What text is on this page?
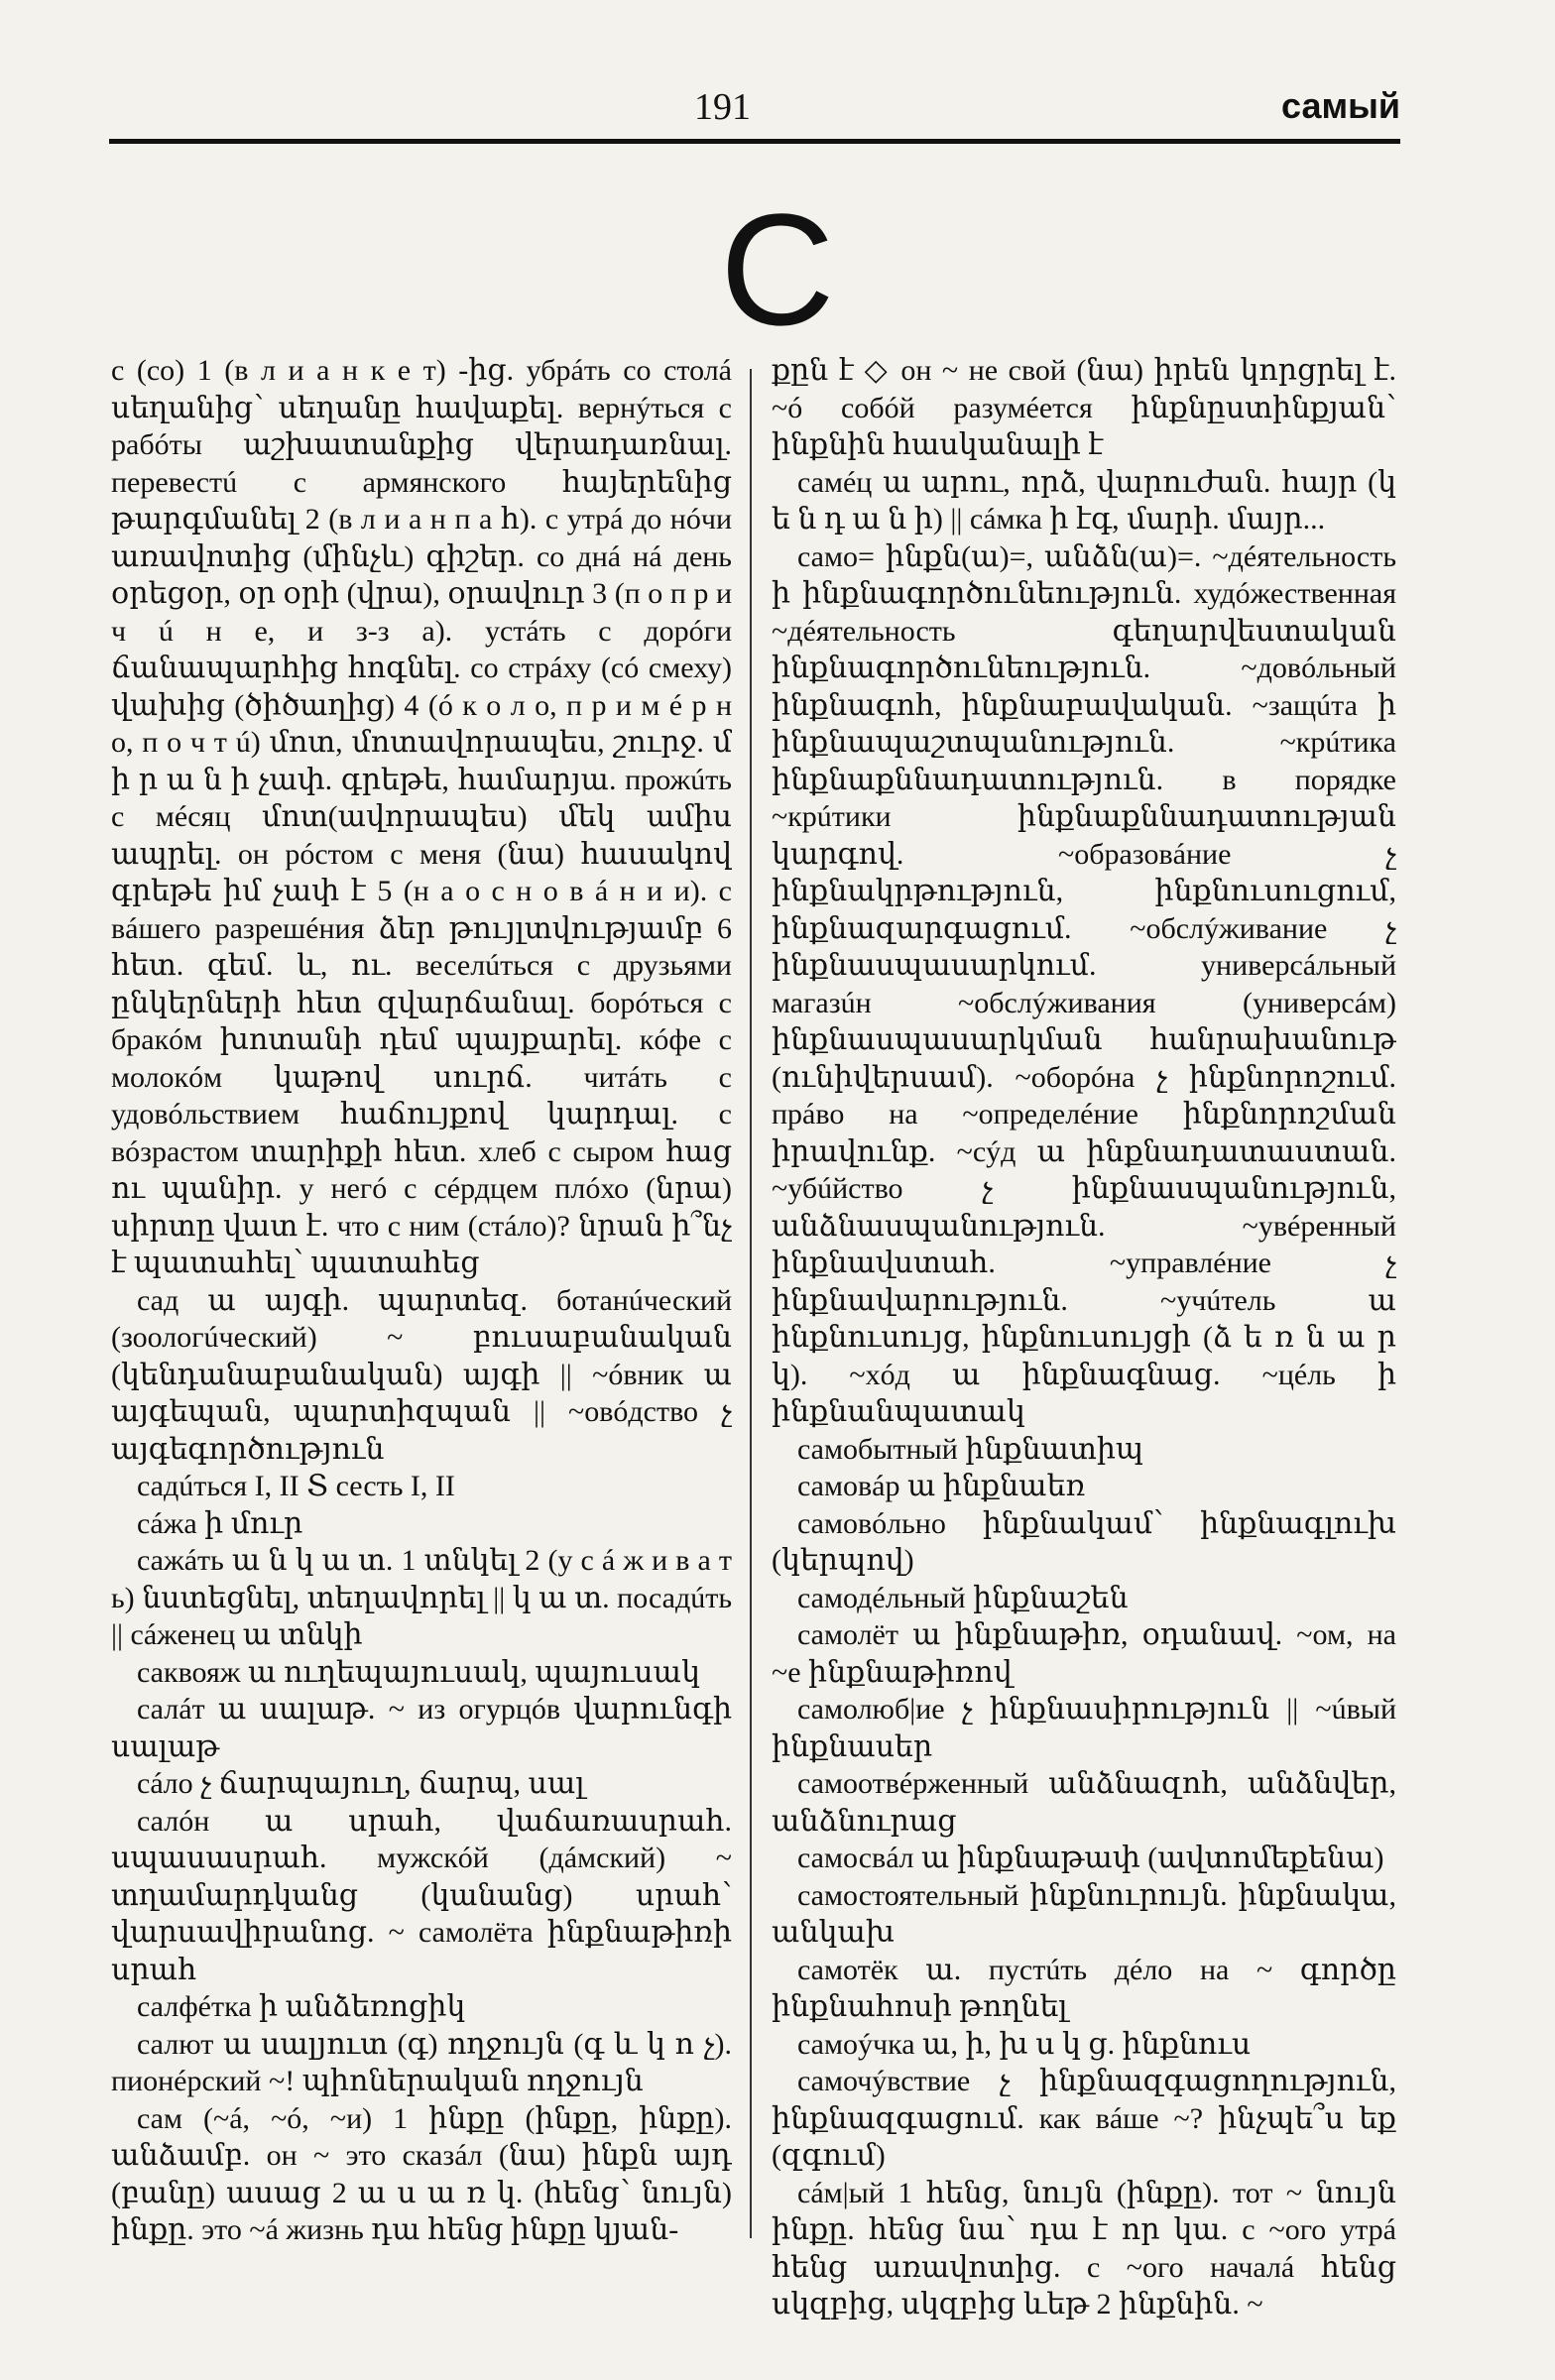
191	самый
С

с (со) 1 (в л и а н к е т) -ից. убрáть со столá սեղանից՝ սեղանը հավաքել. вернýться с рабóты աշխատանքից վերադառնալ. перевестú с армянского հայերենից թարգմանել 2 (в л и а н п а հ). с утрá до нóчи առավոտից (մինչև) գիշեր. со днá нá день օրեցօր, օր օրի (վրա), օրավուր 3 (п о п р и ч ú н е, и з-з а). устáть с дорóги ճանապարհից հոգնել. со стрáху (сó смеху) վախից (ծիծաղից) 4 (ó к о л о, п р и м é р н о, п о ч т ú) մոտ, մոտավորապես, շուրջ. մ ի ր ա ն ի չափ. գրեթե, համարյա. прожúть с мéсяц մոտ(ավորապես) մեկ ամիս ապրել. он рóстом с меня (նա) հասակով գրեթե իմ չափ է 5 (н а о с н о в á н и и). с вáшего разрешéния ձեր թույլտվությամբ 6 հետ. գեմ. և, ու. веселúться с друзьями ընկերների հետ զվարճանալ. борóться с бракóм խոտանի դեմ պայքարել. кóфе с молокóм կաթով սուրճ. читáть с удовóльствием հաճույքով կարդալ. с вóзрастом տարիքի հետ. хлеб с сыром հաց ու պանիր. у негó с сéрдцем плóхо (նրա) սիրտը վատ է. что с ним (стáло)? նրան ի՞նչ է պատահել՝ պատահեց

сад ա այգի. պարտեզ. ботанúческий (зоологúческий) ~ բուսաբանական (կենդանաբանական) այգի || ~óвник ա այգեպան, պարտիզպան || ~овóдство չ այգեգործություն

садúться I, II Տ сесть I, II

сáжа ի մուր

сажáть ա ն կ ա տ. 1 տնկել 2 (у с á ж и в а т ь) նստեցնել, տեղավորել || կ ա տ. посадúть || сáженец ա տնկի

саквояж ա ուղեպայուսակ, պայուսակ

салáт ա սալաթ. ~ из огурцóв վարունգի սալաթ

сáло չ ճարպայուղ, ճարպ, սալ

салóн ա սրահ, վաճառասրահ. սպասասրահ. мужскóй (дáмский) ~ տղամարդկանց (կանանց) սրահ՝ վարսավիրանոց. ~ самолёта ինքնաթիռի սրահ

салфéтка ի անձեռոցիկ

салют ա սալյուտ (գ) ողջույն (գ և կ ո չ). пионéрский ~! պիոներական ողջույն

сам (~á, ~ó, ~и) 1 ինքը (ինքը, ինքը). անձամբ. он ~ это сказáл (նա) ինքն այդ (բանը) ասաց 2 ա ս ա ռ կ. (հենց՝ նույն) ինքը. это ~á жизнь դա հենց ինքը կյան-

քըն է ◇ он ~ не свой (նա) իրեն կորցրել է. ~ó собóй разумéется ինքնըստինքյան՝ ինքնին հասկանալի է

самéц ա արու, որձ, վարուժան. հայր (կ ե ն դ ա ն ի) || сáмка ի էգ, մարի. մայր...

само= ինքն(ա)=, անձն(ա)=. ~дéятельность ի ինքնագործունեություն. худóжественная ~дéятельность գեղարվեստական ինքնագործունեություն. ~довóльный ինքնագոհ, ինքնաբավական. ~защúта ի ինքնապաշտպանություն. ~крúтика ինքնաքննադատություն. в порядке ~крúтики ինքնաքննադատության կարգով. ~образовáние չ ինքնակրթություն, ինքնուսուցում, ինքնազարգացում. ~обслýживание չ ինքնասպասարկում. универсáльный магазúн ~обслýживания (универсáм) ինքնասպասարկման հանրախանութ (ունիվերսամ). ~оборóна չ ինքնորոշում. прáво на ~определéние ինքնորոշման իրավունք. ~сýд ա ինքնադատաստան. ~убúйство չ ինքնասպանություն, անձնասպանություն. ~увéренный ինքնավստահ. ~управлéние չ ինքնավարություն. ~учúтель ա ինքնուսույց, ինքնուսույցի (ձ ե ռ ն ա ր կ). ~хóд ա ինքնագնաց. ~цéль ի ինքնանպատակ

самобытный ինքնատիպ

самовáр ա ինքնաեռ

самовóльно ինքնակամ՝ ինքնագլուխ (կերպով)

самодéльный ինքնաշեն

самолёт ա ինքնաթիռ, օդանավ. ~ом, на ~е ինքնաթիռով

самолюб|ие չ ինքնասիրություն || ~úвый ինքնասեր

самоотвéрженный անձնազոհ, անձնվեր, անձնուրաց

самосвáл ա ինքնաթափ (ավտոմեքենա)

самостоятельный ինքնուրույն. ինքնակա, անկախ

самотёк ա. пустúть дéло на ~ գործը ինքնահոսի թողնել

самоýчка ա, ի, խ ս կ ց. ինքնուս

самочýвствие չ ինքնազգացողություն, ինքնազգացում. как вáше ~? ինչպե՞ս եք (զգում)

сáм|ый 1 հենց, նույն (ինքը). тот ~ նույն ինքը. հենց նա՝ դա է որ կա. с ~ого утрá հենց առավոտից. с ~ого началá հենց սկզբից, սկզբից ևեթ 2 ինքնին. ~
